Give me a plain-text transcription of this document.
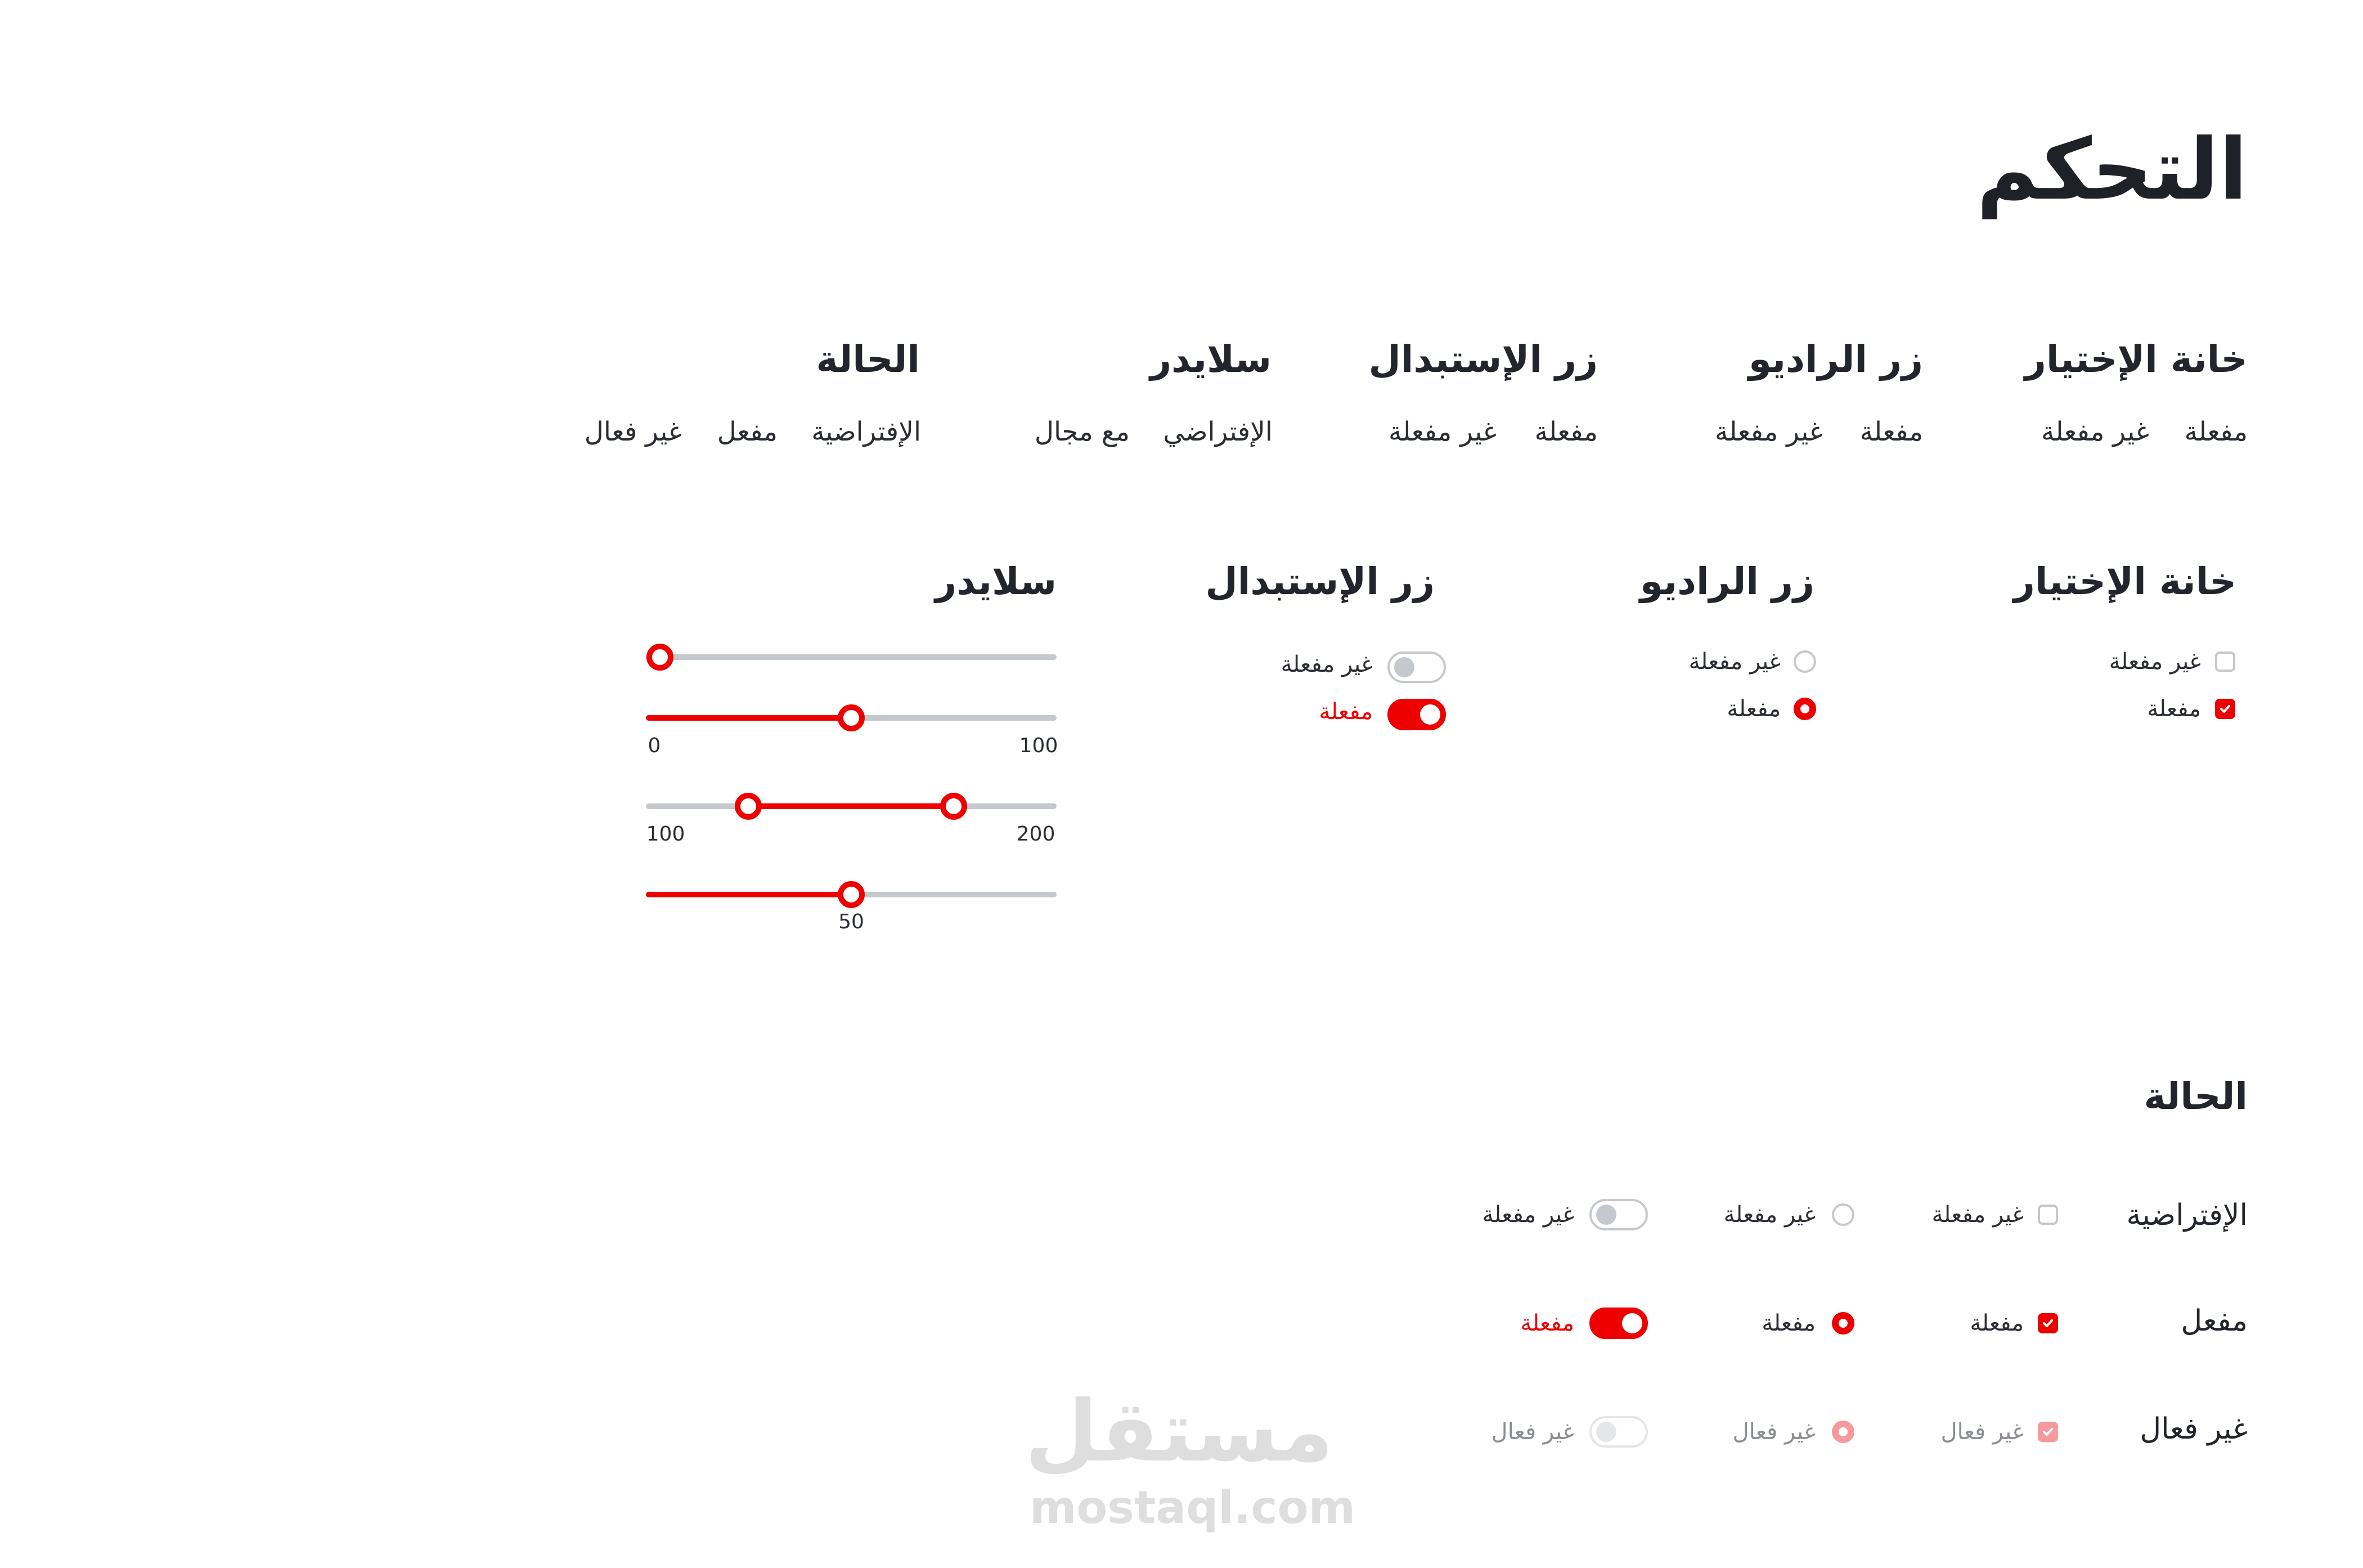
التحكم
خانة الإختيار
مفعلة
غير مفعلة
زر الراديو
مفعلة
غير مفعلة
زر الإستبدال
مفعلة
غير مفعلة
سلايدر
الإفتراضي
مع مجال
الحالة
الإفتراضية
مفعل
غير فعال
خانة الإختيار
غير مفعلة
مفعلة
زر الراديو
غير مفعلة
مفعلة
زر الإستبدال
غير مفعلة
مفعلة
سلايدر
0	100
100	200
50
الحالة
الإفتراضية
غير مفعلة
غير مفعلة
غير مفعلة
مفعل
مفعلة
مفعلة
مفعلة
غير فعال
غير فعال
غير فعال
غير فعال
مستقل
mostaql.com
